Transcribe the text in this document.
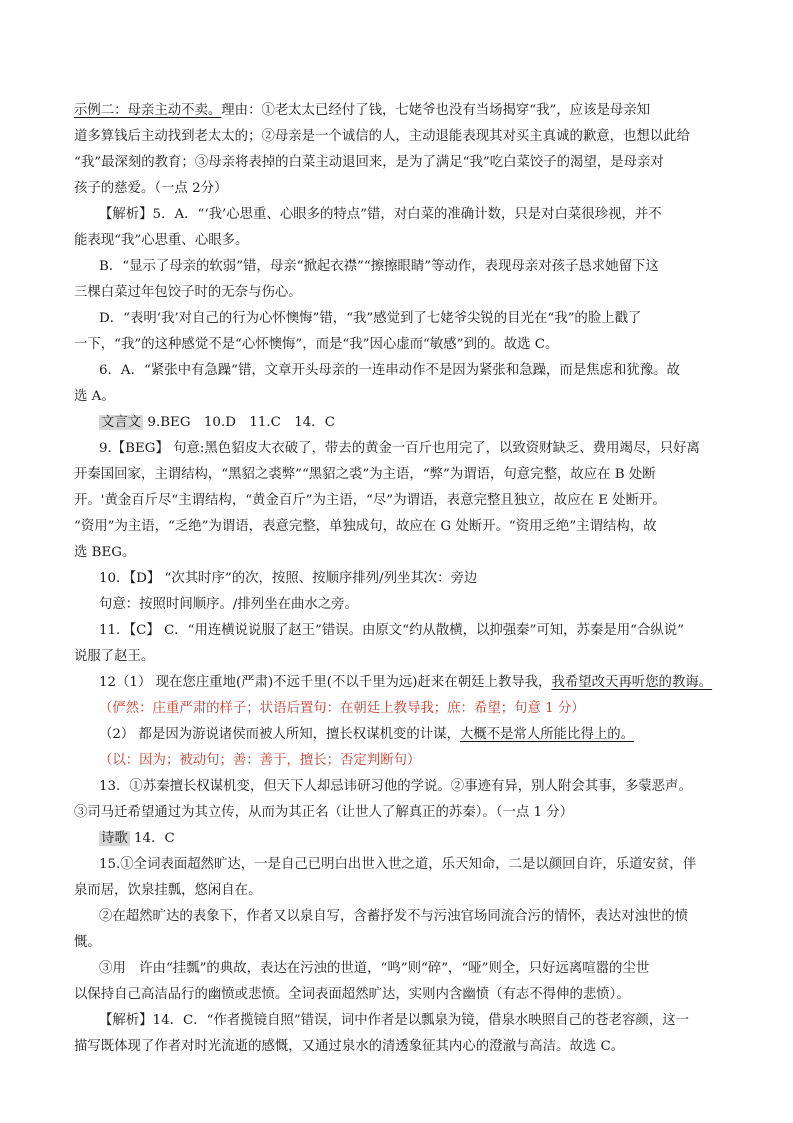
示例二：母亲主动不卖。理由：①老太太已经付了钱，七姥爷也没有当场揭穿“我”，应该是母亲知
道多算钱后主动找到老太太的；②母亲是一个诚信的人，主动退能表现其对买主真诚的歉意，也想以此给
“我”最深刻的教育；③母亲将表掉的白菜主动退回来，是为了满足“我”吃白菜饺子的渴望，是母亲对
孩子的慈爱。（一点 2分）
【解析】5．A．“‘我’心思重、心眼多的特点”错，对白菜的准确计数，只是对白菜很珍视，并不
能表现“我”心思重、心眼多。
B．“显示了母亲的软弱”错，母亲“掀起衣襟”“擦擦眼睛”等动作，表现母亲对孩子恳求她留下这
三棵白菜过年包饺子时的无奈与伤心。
D．“表明‘我’对自己的行为心怀懊悔”错，“我”感觉到了七姥爷尖锐的目光在“我”的脸上戳了
一下，“我”的这种感觉不是“心怀懊悔”，而是“我”因心虚而“敏感”到的。故选 C。
6．A．“紧张中有急躁”错，文章开头母亲的一连串动作不是因为紧张和急躁，而是焦虑和犹豫。故
选 A。
文言文 9.BEG　10.D　11.C　14．C
9.【BEG】 句意:黑色貂皮大衣破了，带去的黄金一百斤也用完了，以致资财缺乏、费用竭尽，只好离
开秦国回家，主谓结构，“黑貂之裘弊”“黑貂之裘”为主语，“弊”为谓语，句意完整，故应在 B 处断
开。'黄金百斤尽“主谓结构，“黄金百斤”为主语，“尽”为谓语，表意完整且独立，故应在 E 处断开。
“资用”为主语，“乏绝”为谓语，表意完整，单独成句，故应在 G 处断开。“资用乏绝”主谓结构，故
选 BEG。
10．【D】 “次其时序”的次，按照、按顺序排列/列坐其次：旁边
句意：按照时间顺序。/排列坐在曲水之旁。
11．【C】 C．“用连横说说服了赵王”错误。由原文“约从散横，以抑强秦”可知，苏秦是用“合纵说”
说服了赵王。
12（1） 现在您庄重地(严肃)不远千里(不以千里为远)赶来在朝廷上教导我，我希望改天再听您的教诲。
（俨然：庄重严肃的样子；状语后置句：在朝廷上教导我；庶：希望；句意 1 分）
（2） 都是因为游说诸侯而被人所知，擅长权谋机变的计谋，大概不是常人所能比得上的。
（以：因为；被动句；善：善于，擅长；否定判断句）
13．①苏秦擅长权谋机变，但天下人却忌讳研习他的学说。②事迹有异，别人附会其事，多蒙恶声。
③司马迁希望通过为其立传，从而为其正名（让世人了解真正的苏秦）。（一点 1 分）
诗歌 14．C
15.①全词表面超然旷达，一是自己已明白出世入世之道，乐天知命，二是以颜回自许，乐道安贫，伴
泉而居，饮泉挂瓢，悠闲自在。
②在超然旷达的表象下，作者又以泉自写，含蓄抒发不与污浊官场同流合污的情怀，表达对浊世的愤
慨。
③用　许由“挂瓢”的典故，表达在污浊的世道，“鸣”则“碎”，“哑”则全，只好远离喧嚣的尘世
以保持自己高洁品行的幽愤或悲愤。全词表面超然旷达，实则内含幽愤（有志不得伸的悲愤）。
【解析】14．C．“作者揽镜自照”错误，词中作者是以瓢泉为镜，借泉水映照自己的苍老容颜，这一
描写既体现了作者对时光流逝的感慨，又通过泉水的清透象征其内心的澄澈与高洁。故选 C。
